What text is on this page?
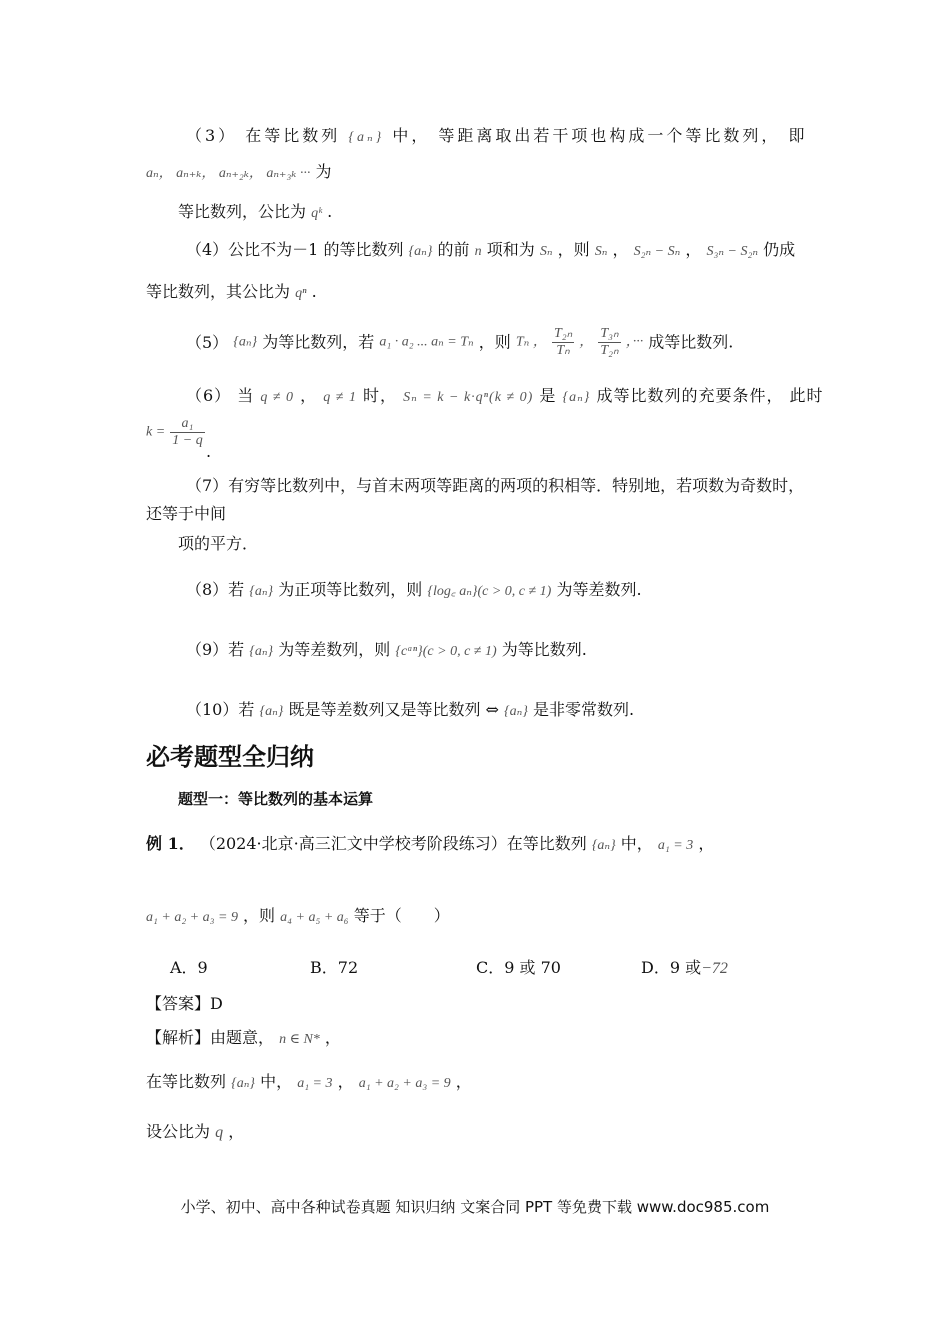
（3） 在等比数列 {aₙ} 中， 等距离取出若干项也构成一个等比数列， 即
aₙ， aₙ₊ₖ， aₙ₊₂ₖ， aₙ₊₃ₖ ··· 为
等比数列，公比为 qᵏ .
（4）公比不为－1 的等比数列 {aₙ} 的前 n 项和为 Sₙ ，则 Sₙ ， S₂ₙ − Sₙ ， S₃ₙ − S₂ₙ 仍成
等比数列，其公比为 qⁿ .
（5） {aₙ} 为等比数列，若 a₁ · a₂ ... aₙ = Tₙ ，则 Tₙ ， $\frac{\text{T₂ₙ}}{\text{Tₙ}}$ ， $\frac{\text{T₃ₙ}}{\text{T₂ₙ}}$ ，··· 成等比数列.
（6） 当 q ≠ 0 ， q ≠ 1 时， Sₙ = k − k·qⁿ(k ≠ 0) 是 {aₙ} 成等比数列的充要条件， 此时
$k = \frac{\text{a₁}}{1 - q}$
.
（7）有穷等比数列中，与首末两项等距离的两项的积相等．特别地，若项数为奇数时，
还等于中间
项的平方．
（8）若 {aₙ} 为正项等比数列，则 {log꜀ aₙ}(c > 0, c ≠ 1) 为等差数列.
（9）若 {aₙ} 为等差数列，则 {cᵃⁿ}(c > 0, c ≠ 1) 为等比数列.
（10）若 {aₙ} 既是等差数列又是等比数列 ⇔ {aₙ} 是非零常数列.
必考题型全归纳
题型一：等比数列的基本运算
例 1． （2024·北京·高三汇文中学校考阶段练习）在等比数列 {aₙ} 中， a₁ = 3 ，
a₁ + a₂ + a₃ = 9 ，则 a₄ + a₅ + a₆ 等于（　　）
A．9	B．72	C．9 或 70	D．9 或−72
【答案】D
【解析】由题意， n ∈ N* ，
在等比数列 {aₙ} 中， a₁ = 3 ， a₁ + a₂ + a₃ = 9 ，
设公比为 q ，
小学、初中、高中各种试卷真题 知识归纳 文案合同 PPT 等免费下载 www.doc985.com
